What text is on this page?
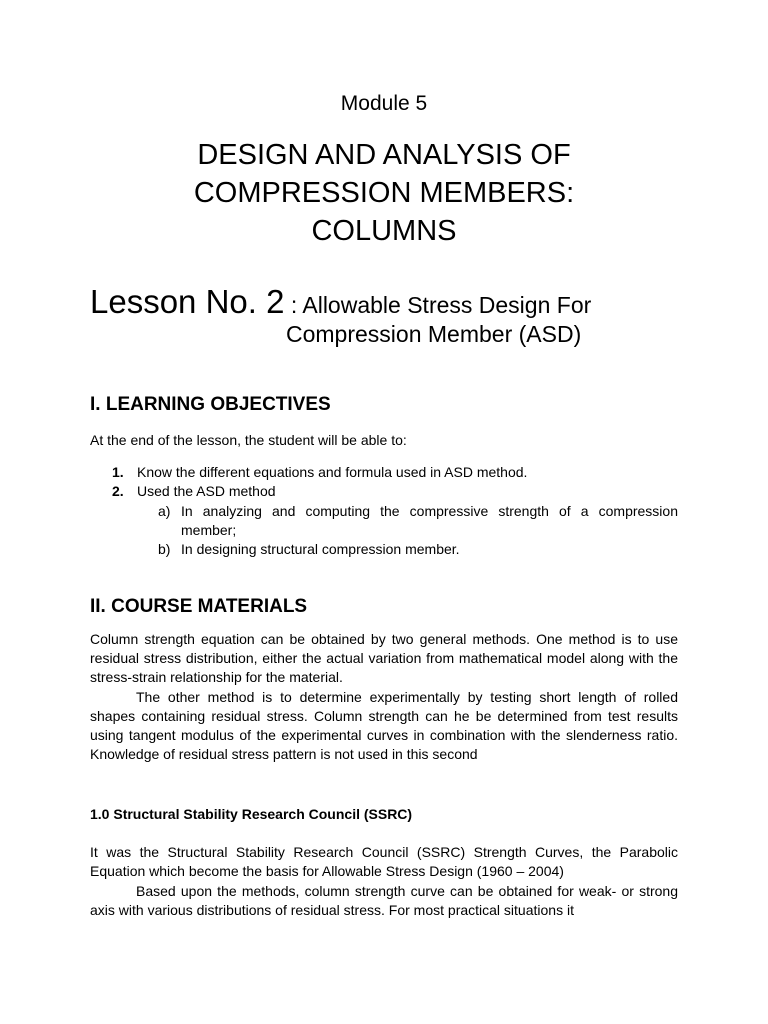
Module 5

DESIGN AND ANALYSIS OF
COMPRESSION MEMBERS:
COLUMNS
Lesson No. 2 : Allowable Stress Design For
Compression Member (ASD)
I. LEARNING OBJECTIVES
At the end of the lesson, the student will be able to:
1. Know the different equations and formula used in ASD method.
2. Used the ASD method
a) In analyzing and computing the compressive strength of a compression member;
b) In designing structural compression member.
II. COURSE MATERIALS
Column strength equation can be obtained by two general methods. One method is to use residual stress distribution, either the actual variation from mathematical model along with the stress-strain relationship for the material.
The other method is to determine experimentally by testing short length of rolled shapes containing residual stress. Column strength can he be determined from test results using tangent modulus of the experimental curves in combination with the slenderness ratio. Knowledge of residual stress pattern is not used in this second
1.0 Structural Stability Research Council (SSRC)
It was the Structural Stability Research Council (SSRC) Strength Curves, the Parabolic Equation which become the basis for Allowable Stress Design (1960 – 2004)
Based upon the methods, column strength curve can be obtained for weak- or strong axis with various distributions of residual stress. For most practical situations it
